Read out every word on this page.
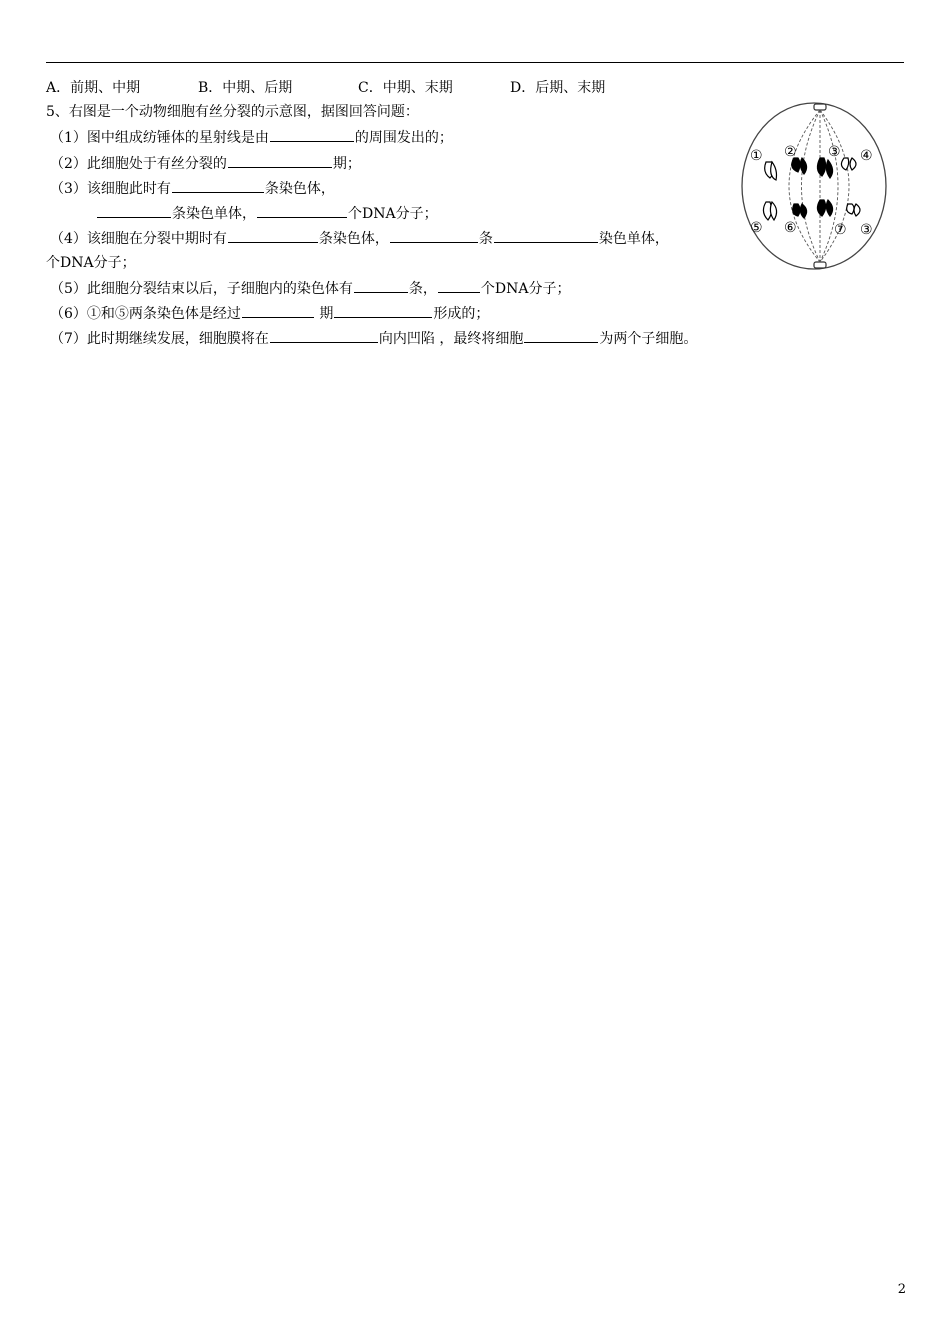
A．前期、中期	B．中期、后期	C．中期、末期	D．后期、末期
5、右图是一个动物细胞有丝分裂的示意图，据图回答问题：
（1）图中组成纺锤体的星射线是由	的周围发出的；
（2）此细胞处于有丝分裂的	期；
（3）该细胞此时有	条染色体，
条染色单体，	个DNA分子；
（4）该细胞在分裂中期时有	条染色体，	条	染色单体，
个DNA分子；
（5）此细胞分裂结束以后，子细胞内的染色体有	条，	个DNA分子；
（6）①和⑤两条染色体是经过	期	形成的；
（7）此时期继续发展，细胞膜将在	向内凹陷 ，最终将细胞	为两个子细胞。
① ② ③ ④
⑤ ⑥	⑦ ③
2
